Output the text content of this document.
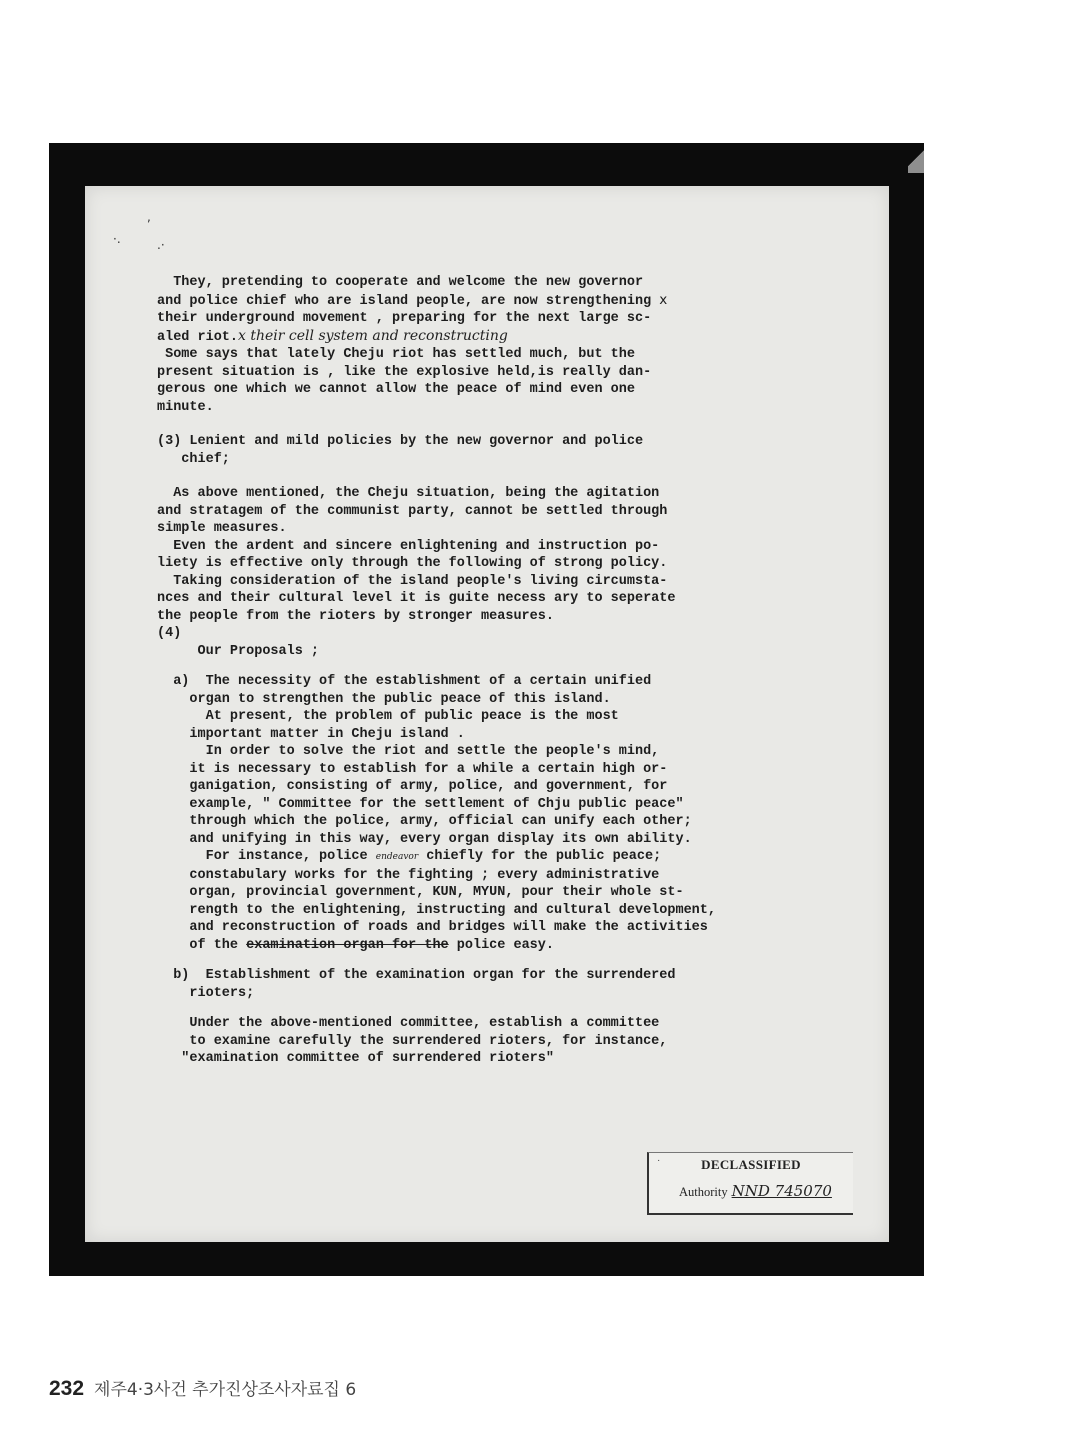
,
·.	.·

They, pretending to cooperate and welcome the new governor

and police chief who are island people, are now strengthening x

their underground movement , preparing for the next large sc-

aled riot.x their cell system and reconstructing

Some says that lately Cheju riot has settled much, but the

present situation is , like the explosive held,is really dan-

gerous one which we cannot allow the peace of mind even one

minute.

(3) Lenient and mild policies by the new governor and police

chief;

As above mentioned, the Cheju situation, being the agitation

and stratagem of the communist party, cannot be settled through

simple measures.

Even the ardent and sincere enlightening and instruction po-

liety is effective only through the following of strong policy.

Taking consideration of the island people's living circumsta-

nces and their cultural level it is guite necess ary to seperate

the people from the rioters by stronger measures.

(4)

Our Proposals ;

a)  The necessity of the establishment of a certain unified

organ to strengthen the public peace of this island.

At present, the problem of public peace is the most

important matter in Cheju island .

In order to solve the riot and settle the people's mind,

it is necessary to establish for a while a certain high or-

ganigation, consisting of army, police, and government, for

example, " Committee for the settlement of Chju public peace"

through which the police, army, official can unify each other;

and unifying in this way, every organ display its own ability.

For instance, police endeavor chiefly for the public peace;

constabulary works for the fighting ; every administrative

organ, provincial government, KUN, MYUN, pour their whole st-

rength to the enlightening, instructing and cultural development,

and reconstruction of roads and bridges will make the activities

of the examination organ for the police easy.

b)  Establishment of the examination organ for the surrendered

rioters;

Under the above-mentioned committee, establish a committee

to examine carefully the surrendered rioters, for instance,

"examination committee of surrendered rioters"

·	DECLASSIFIED
Authority NND 745070
232 제주4·3사건 추가진상조사자료집 6
